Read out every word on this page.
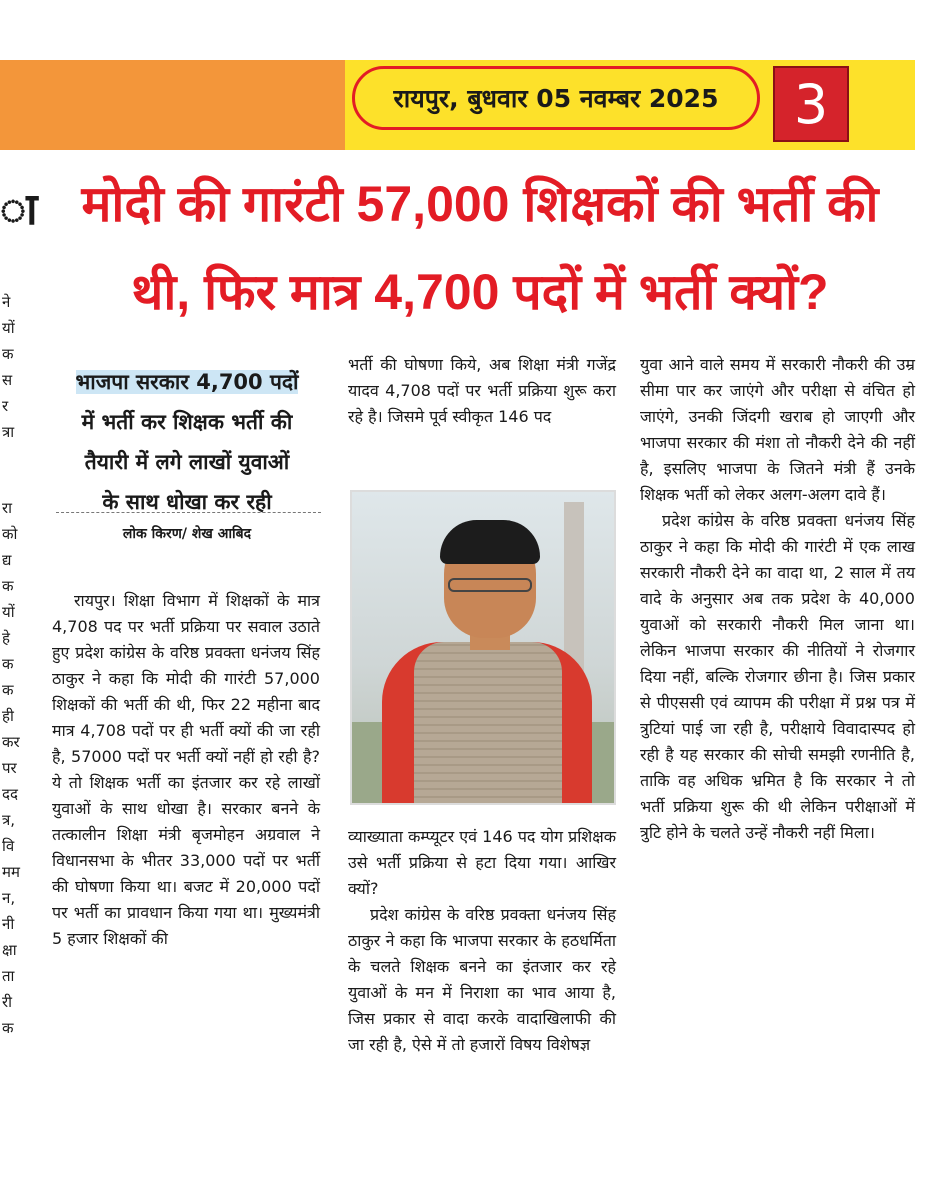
रायपुर, बुधवार 05 नवम्बर 2025	3
ा
ने
यों
क
स
र
त्रा
रा
को
द्य
क
यों
हे
क
क
ही
कर
पर
दद
त्र,
वि
मम
न,
नी
क्षा
ता
री
क
मोदी की गारंटी 57,000 शिक्षकों की भर्ती की
थी, फिर मात्र 4,700 पदों में भर्ती क्यों?
भाजपा सरकार 4,700 पदों
में भर्ती कर शिक्षक भर्ती की
तैयारी में लगे लाखों युवाओं
के साथ धोखा कर रही
लोक किरण/ शेख आबिद

रायपुर। शिक्षा विभाग में शिक्षकों के मात्र 4,708 पद पर भर्ती प्रक्रिया पर सवाल उठाते हुए प्रदेश कांग्रेस के वरिष्ठ प्रवक्ता धनंजय सिंह ठाकुर ने कहा कि मोदी की गारंटी 57,000 शिक्षकों की भर्ती की थी, फिर 22 महीना बाद मात्र 4,708 पदों पर ही भर्ती क्यों की जा रही है, 57000 पदों पर भर्ती क्यों नहीं हो रही है? ये तो शिक्षक भर्ती का इंतजार कर रहे लाखों युवाओं के साथ धोखा है। सरकार बनने के तत्कालीन शिक्षा मंत्री बृजमोहन अग्रवाल ने विधानसभा के भीतर 33,000 पदों पर भर्ती की घोषणा किया था। बजट में 20,000 पदों पर भर्ती का प्रावधान किया गया था। मुख्यमंत्री 5 हजार शिक्षकों की

भर्ती की घोषणा किये, अब शिक्षा मंत्री गजेंद्र यादव 4,708 पदों पर भर्ती प्रक्रिया शुरू करा रहे है। जिसमे पूर्व स्वीकृत 146 पद

व्याख्याता कम्प्यूटर एवं 146 पद योग प्रशिक्षक उसे भर्ती प्रक्रिया से हटा दिया गया। आखिर क्यों?

प्रदेश कांग्रेस के वरिष्ठ प्रवक्ता धनंजय सिंह ठाकुर ने कहा कि भाजपा सरकार के हठधर्मिता के चलते शिक्षक बनने का इंतजार कर रहे युवाओं के मन में निराशा का भाव आया है, जिस प्रकार से वादा करके वादाखिलाफी की जा रही है, ऐसे में तो हजारों विषय विशेषज्ञ

युवा आने वाले समय में सरकारी नौकरी की उम्र सीमा पार कर जाएंगे और परीक्षा से वंचित हो जाएंगे, उनकी जिंदगी खराब हो जाएगी और भाजपा सरकार की मंशा तो नौकरी देने की नहीं है, इसलिए भाजपा के जितने मंत्री हैं उनके शिक्षक भर्ती को लेकर अलग-अलग दावे हैं।

प्रदेश कांग्रेस के वरिष्ठ प्रवक्ता धनंजय सिंह ठाकुर ने कहा कि मोदी की गारंटी में एक लाख सरकारी नौकरी देने का वादा था, 2 साल में तय वादे के अनुसार अब तक प्रदेश के 40,000 युवाओं को सरकारी नौकरी मिल जाना था। लेकिन भाजपा सरकार की नीतियों ने रोजगार दिया नहीं, बल्कि रोजगार छीना है। जिस प्रकार से पीएससी एवं व्यापम की परीक्षा में प्रश्न पत्र में त्रुटियां पाई जा रही है, परीक्षाये विवादास्पद हो रही है यह सरकार की सोची समझी रणनीति है, ताकि वह अधिक भ्रमित है कि सरकार ने तो भर्ती प्रक्रिया शुरू की थी लेकिन परीक्षाओं में त्रुटि होने के चलते उन्हें नौकरी नहीं मिला।
